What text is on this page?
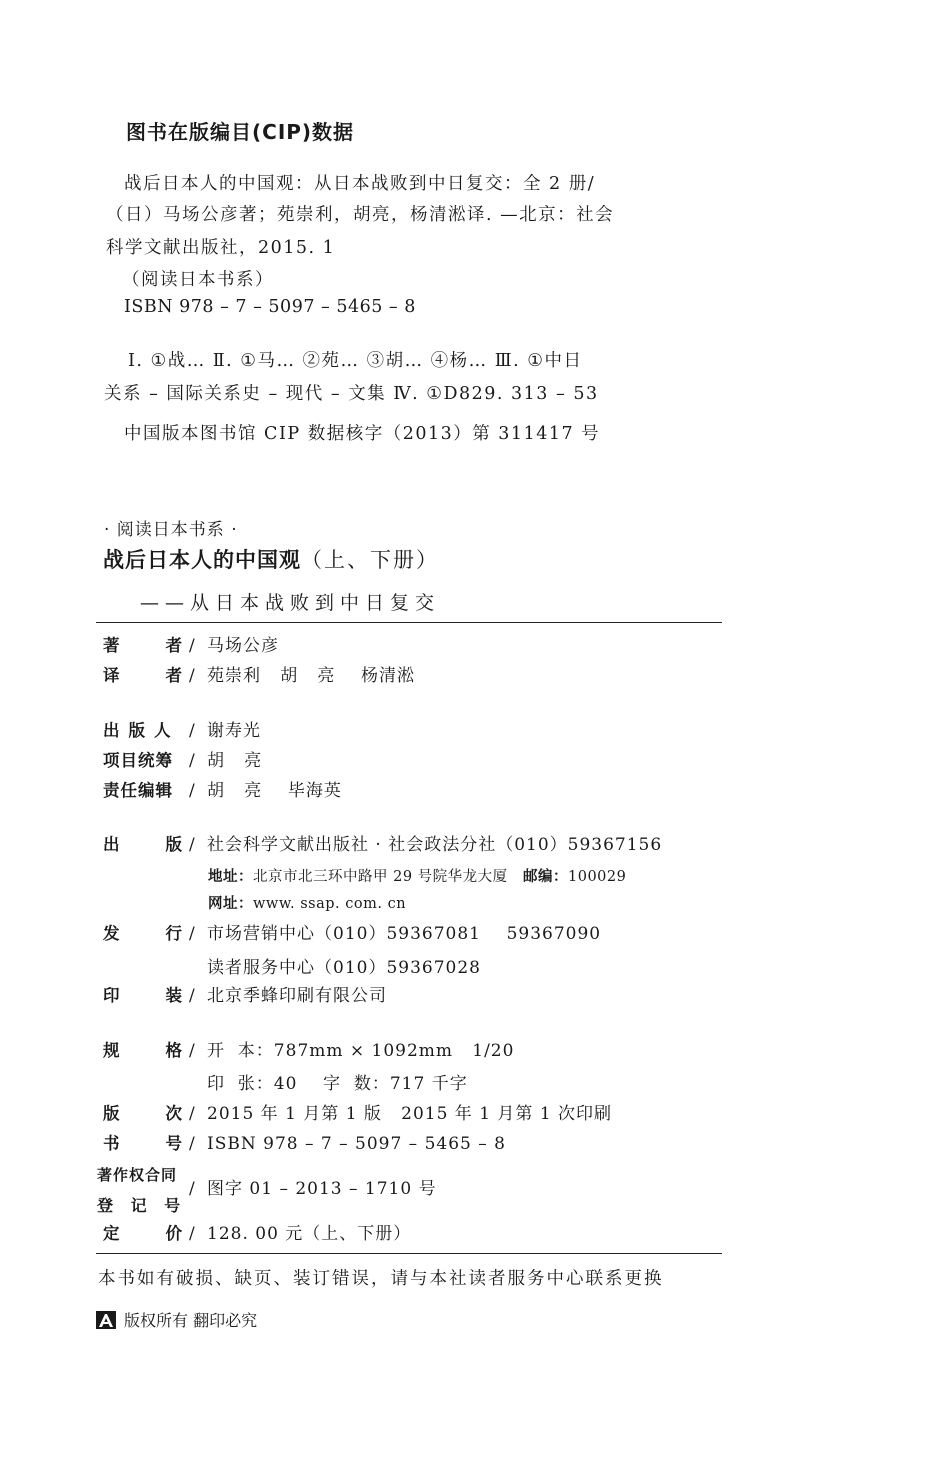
图书在版编目(CIP)数据
战后日本人的中国观：从日本战败到中日复交：全 2 册/
（日）马场公彦著；苑崇利，胡亮，杨清淞译. —北京：社会
科学文献出版社，2015. 1
（阅读日本书系）
ISBN 978 – 7 – 5097 – 5465 – 8
Ⅰ. ①战… Ⅱ. ①马… ②苑… ③胡… ④杨… Ⅲ. ①中日
关系 – 国际关系史 – 现代 – 文集 Ⅳ. ①D829. 313 – 53
中国版本图书馆 CIP 数据核字（2013）第 311417 号
· 阅读日本书系 ·
战后日本人的中国观（上、下册）
——从日本战败到中日复交
著	者 / 马场公彦
译	者 / 苑崇利   胡   亮    杨清淞
出版人 / 谢寿光
项目统筹 / 胡   亮
责任编辑 / 胡   亮    毕海英
出	版 / 社会科学文献出版社 · 社会政法分社（010）59367156
地址：北京市北三环中路甲 29 号院华龙大厦 邮编：100029
网址：www. ssap. com. cn
发	行 / 市场营销中心（010）59367081    59367090
读者服务中心（010）59367028
印	装 / 北京季蜂印刷有限公司
规	格 / 开  本：787mm × 1092mm   1/20
印  张：40    字  数：717 千字
版	次 / 2015 年 1 月第 1 版   2015 年 1 月第 1 次印刷
书	号 / ISBN 978 – 7 – 5097 – 5465 – 8
著作权合同
登 记 号
/ 图字 01 – 2013 – 1710 号
定	价 / 128. 00 元（上、下册）
本书如有破损、缺页、装订错误，请与本社读者服务中心联系更换
版权所有 翻印必究
